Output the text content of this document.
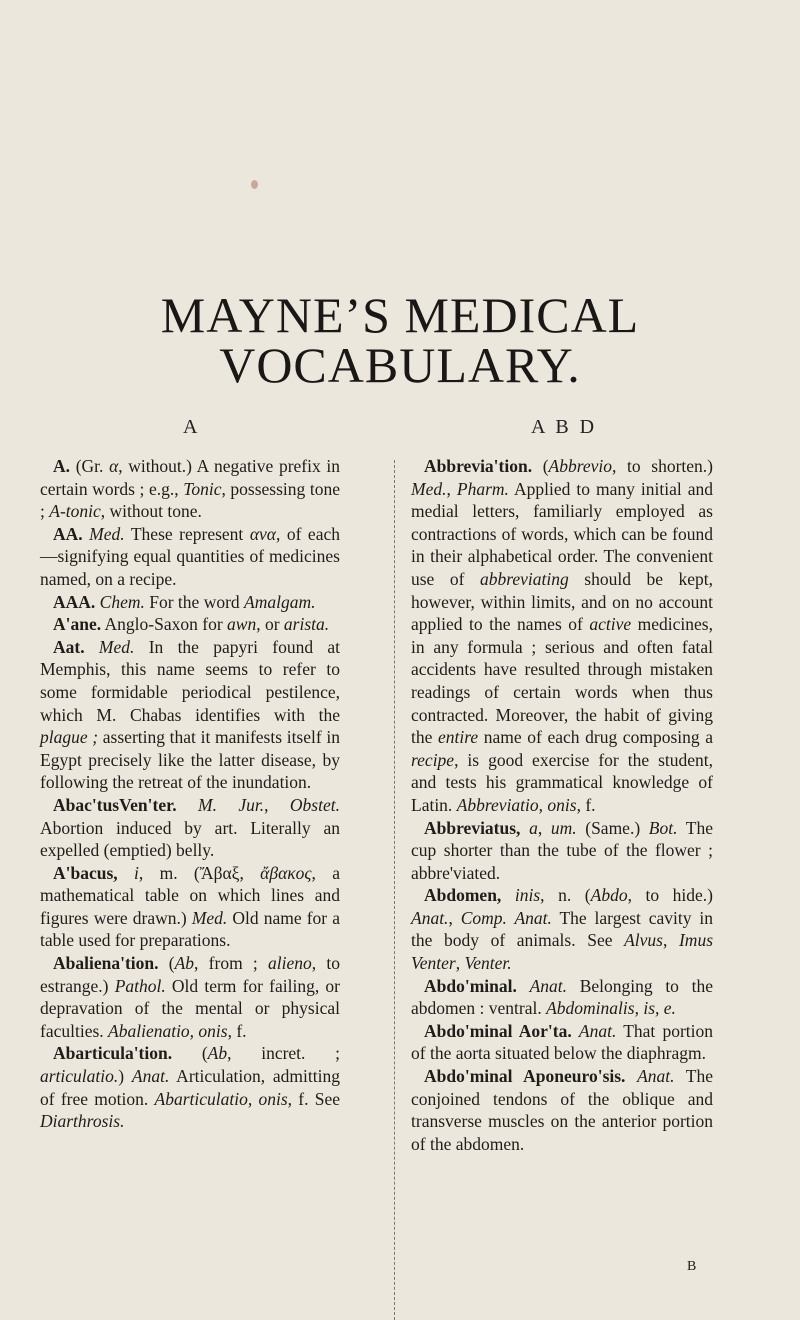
MAYNE’S MEDICAL VOCABULARY.
A	A B D

A. (Gr. α, without.) A negative prefix in certain words ; e.g., Tonic, possessing tone ; A-tonic, without tone.

AA. Med. These represent ανα, of each—signifying equal quantities of medicines named, on a recipe.

AAA. Chem. For the word Amalgam.

A'ane. Anglo-Saxon for awn, or arista.

Aat. Med. In the papyri found at Memphis, this name seems to refer to some formidable periodical pestilence, which M. Chabas identifies with the plague ; asserting that it manifests itself in Egypt precisely like the latter disease, by following the retreat of the inundation.

Abac'tusVen'ter. M. Jur., Obstet. Abortion induced by art. Literally an expelled (emptied) belly.

A'bacus, i, m. (Ἄβαξ, ἄβακος, a mathematical table on which lines and figures were drawn.) Med. Old name for a table used for preparations.

Abaliena'tion. (Ab, from ; alieno, to estrange.) Pathol. Old term for failing, or depravation of the mental or physical faculties. Abalienatio, onis, f.

Abarticula'tion. (Ab, incret. ; articulatio.) Anat. Articulation, admitting of free motion. Abarticulatio, onis, f. See Diarthrosis.

Abbrevia'tion. (Abbrevio, to shorten.) Med., Pharm. Applied to many initial and medial letters, familiarly employed as contractions of words, which can be found in their alphabetical order. The convenient use of abbreviating should be kept, however, within limits, and on no account applied to the names of active medicines, in any formula ; serious and often fatal accidents have resulted through mistaken readings of certain words when thus contracted. Moreover, the habit of giving the entire name of each drug composing a recipe, is good exercise for the student, and tests his grammatical knowledge of Latin. Abbreviatio, onis, f.

Abbreviatus, a, um. (Same.) Bot. The cup shorter than the tube of the flower ; abbre'viated.

Abdomen, inis, n. (Abdo, to hide.) Anat., Comp. Anat. The largest cavity in the body of animals. See Alvus, Imus Venter, Venter.

Abdo'minal. Anat. Belonging to the abdomen : ventral. Abdominalis, is, e.

Abdo'minal Aor'ta. Anat. That portion of the aorta situated below the diaphragm.

Abdo'minal Aponeuro'sis. Anat. The conjoined tendons of the oblique and transverse muscles on the anterior portion of the abdomen.

B
